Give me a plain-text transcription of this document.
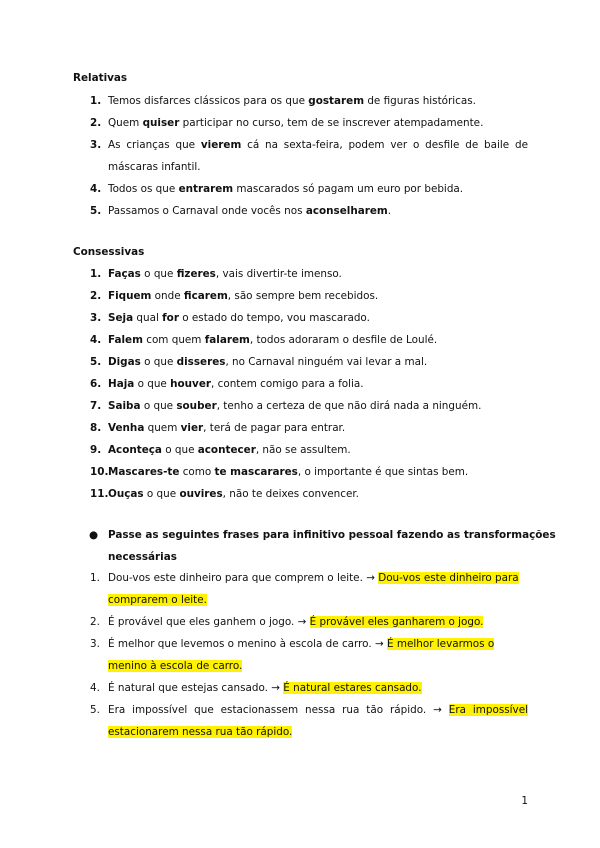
Relativas
1. Temos disfarces clássicos para os que gostarem de figuras históricas.
2. Quem quiser participar no curso, tem de se inscrever atempadamente.
3. As crianças que vierem cá na sexta-feira, podem ver o desfile de baile de máscaras infantil.
4. Todos os que entrarem mascarados só pagam um euro por bebida.
5. Passamos o Carnaval onde vocês nos aconselharem.
Consessivas
1. Faças o que fizeres, vais divertir-te imenso.
2. Fiquem onde ficarem, são sempre bem recebidos.
3. Seja qual for o estado do tempo, vou mascarado.
4. Falem com quem falarem, todos adoraram o desfile de Loulé.
5. Digas o que disseres, no Carnaval ninguém vai levar a mal.
6. Haja o que houver, contem comigo para a folia.
7. Saiba o que souber, tenho a certeza de que não dirá nada a ninguém.
8. Venha quem vier, terá de pagar para entrar.
9. Aconteça o que acontecer, não se assultem.
10. Mascares-te como te mascarares, o importante é que sintas bem.
11. Ouças o que ouvires, não te deixes convencer.
● Passe as seguintes frases para infinitivo pessoal fazendo as transformações necessárias
1. Dou-vos este dinheiro para que comprem o leite. → Dou-vos este dinheiro para comprarem o leite.
2. É provável que eles ganhem o jogo. → É provável eles ganharem o jogo.
3. É melhor que levemos o menino à escola de carro. → É melhor levarmos o menino à escola de carro.
4. É natural que estejas cansado. → É natural estares cansado.
5. Era impossível que estacionassem nessa rua tão rápido. → Era impossível estacionarem nessa rua tão rápido.
1
